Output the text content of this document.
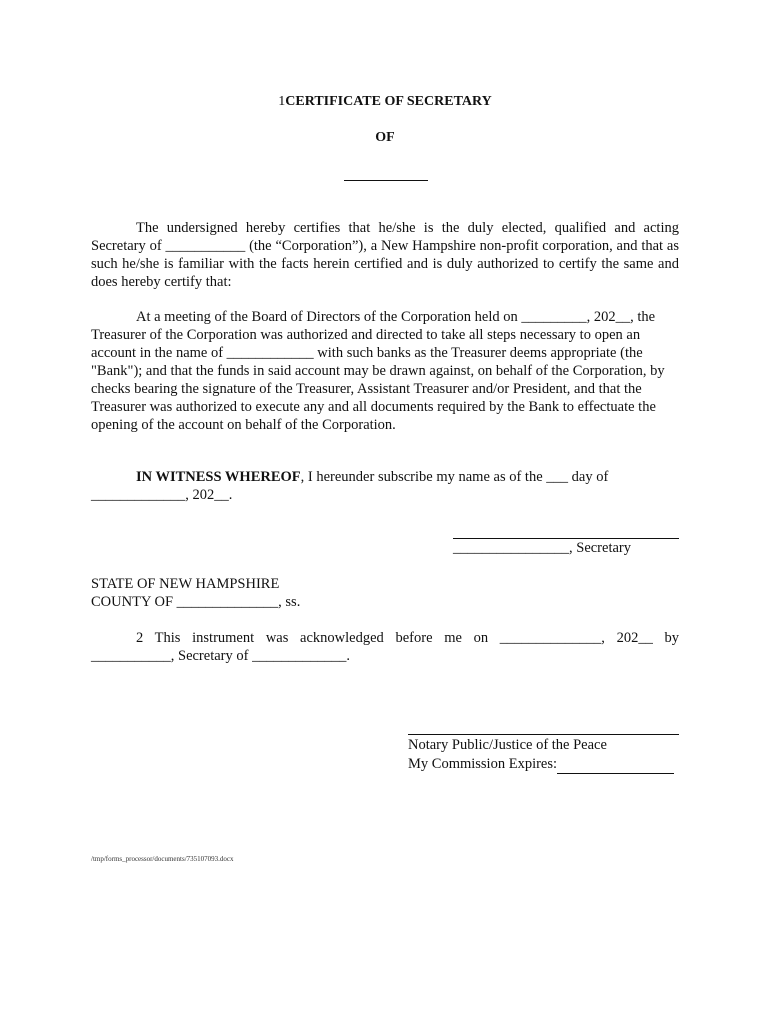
1CERTIFICATE OF SECRETARY
OF
The undersigned hereby certifies that he/she is the duly elected, qualified and acting Secretary of ___________ (the “Corporation”), a New Hampshire non-profit corporation, and that as such he/she is familiar with the facts herein certified and is duly authorized to certify the same and does hereby certify that:
At a meeting of the Board of Directors of the Corporation held on _________, 202__, the Treasurer of the Corporation was authorized and directed to take all steps necessary to open an account in the name of ____________ with such banks as the Treasurer deems appropriate (the "Bank"); and that the funds in said account may be drawn against, on behalf of the Corporation, by checks bearing the signature of the Treasurer, Assistant Treasurer and/or President, and that the Treasurer was authorized to execute any and all documents required by the Bank to effectuate the opening of the account on behalf of the Corporation.
IN WITNESS WHEREOF, I hereunder subscribe my name as of the ___ day of _____________, 202__.
________________, Secretary
STATE OF NEW HAMPSHIRE
COUNTY OF ______________, ss.
2 This instrument was acknowledged before me on ______________, 202__ by ___________, Secretary of _____________.
Notary Public/Justice of the Peace
My Commission Expires:
/tmp/forms_processor/documents/735107093.docx
